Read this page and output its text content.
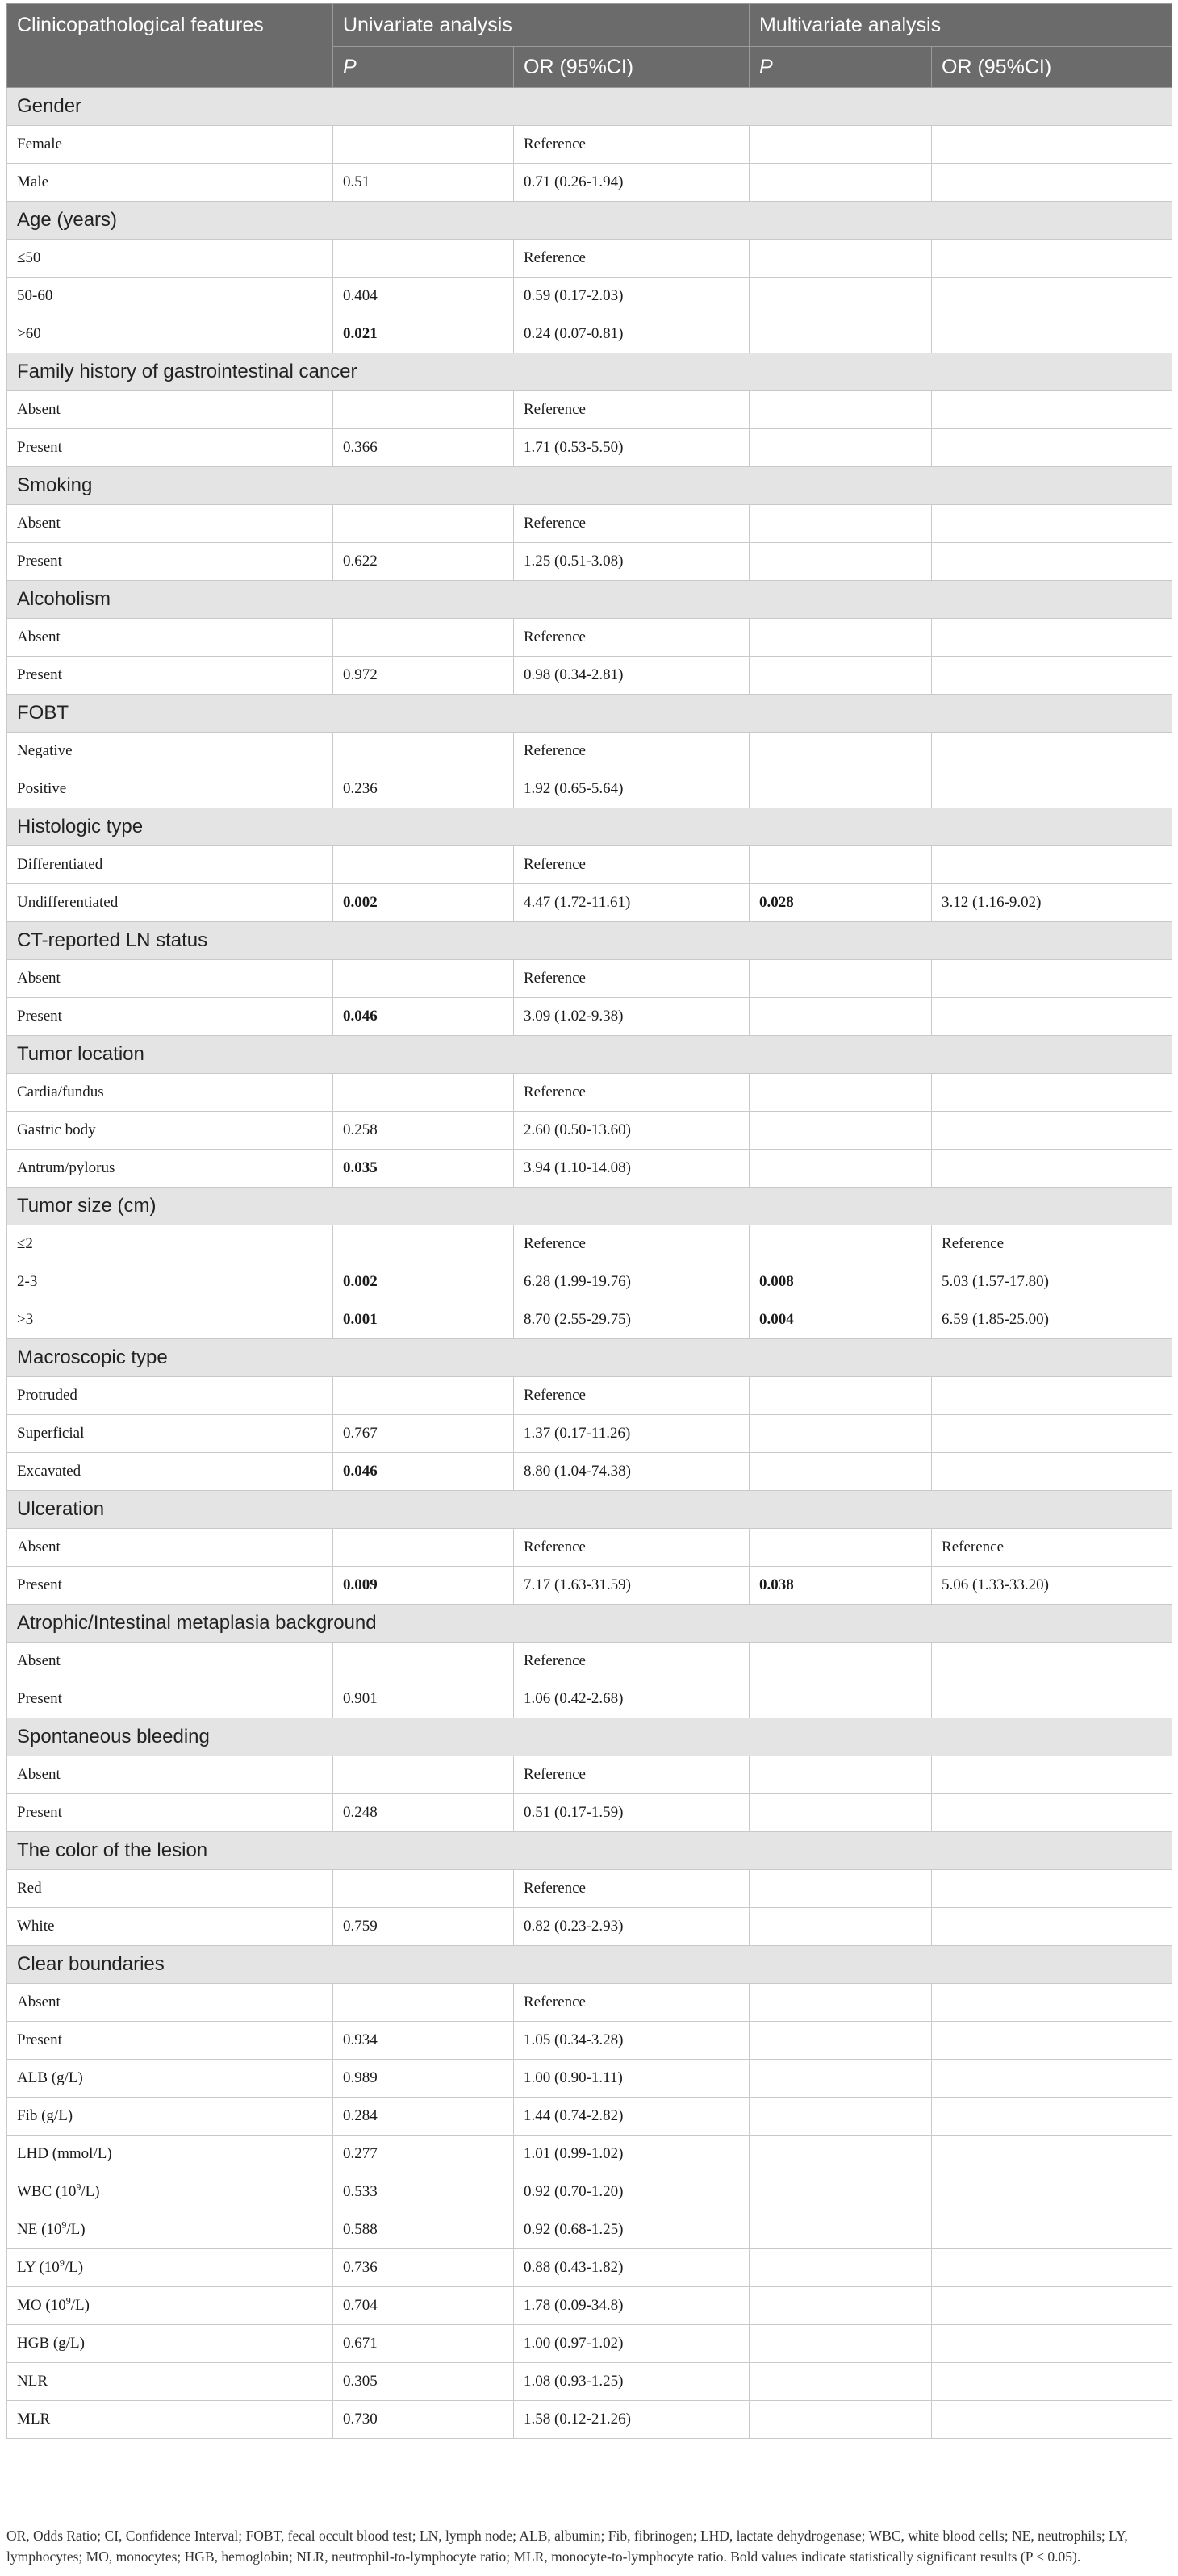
Clinicopathological features	Univariate analysis		Multivariate analysis	
	P	OR (95%CI)	P	OR (95%CI)
Gender				
Female		Reference		
Male	0.51	0.71 (0.26-1.94)		
Age (years)				
≤50		Reference		
50-60	0.404	0.59 (0.17-2.03)		
>60	0.021	0.24 (0.07-0.81)		
Family history of gastrointestinal cancer				
Absent		Reference		
Present	0.366	1.71 (0.53-5.50)		
Smoking				
Absent		Reference		
Present	0.622	1.25 (0.51-3.08)		
Alcoholism				
Absent		Reference		
Present	0.972	0.98 (0.34-2.81)		
FOBT				
Negative		Reference		
Positive	0.236	1.92 (0.65-5.64)		
Histologic type				
Differentiated		Reference		
Undifferentiated	0.002	4.47 (1.72-11.61)	0.028	3.12 (1.16-9.02)
CT-reported LN status				
Absent		Reference		
Present	0.046	3.09 (1.02-9.38)		
Tumor location				
Cardia/fundus		Reference		
Gastric body	0.258	2.60 (0.50-13.60)		
Antrum/pylorus	0.035	3.94 (1.10-14.08)		
Tumor size (cm)				
≤2		Reference		Reference
2-3	0.002	6.28 (1.99-19.76)	0.008	5.03 (1.57-17.80)
>3	0.001	8.70 (2.55-29.75)	0.004	6.59 (1.85-25.00)
Macroscopic type				
Protruded		Reference		
Superficial	0.767	1.37 (0.17-11.26)		
Excavated	0.046	8.80 (1.04-74.38)		
Ulceration				
Absent		Reference		Reference
Present	0.009	7.17 (1.63-31.59)	0.038	5.06 (1.33-33.20)
Atrophic/Intestinal metaplasia background				
Absent		Reference		
Present	0.901	1.06 (0.42-2.68)		
Spontaneous bleeding				
Absent		Reference		
Present	0.248	0.51 (0.17-1.59)		
The color of the lesion				
Red		Reference		
White	0.759	0.82 (0.23-2.93)		
Clear boundaries				
Absent		Reference		
Present	0.934	1.05 (0.34-3.28)		
ALB (g/L)	0.989	1.00 (0.90-1.11)		
Fib (g/L)	0.284	1.44 (0.74-2.82)		
LHD (mmol/L)	0.277	1.01 (0.99-1.02)		
WBC $(10^9/L)$	0.533	0.92 (0.70-1.20)		
NE $(10^9/L)$	0.588	0.92 (0.68-1.25)		
LY $(10^9/L)$	0.736	0.88 (0.43-1.82)		
MO $(10^9/L)$	0.704	1.78 (0.09-34.8)		
HGB (g/L)	0.671	1.00 (0.97-1.02)		
NLR	0.305	1.08 (0.93-1.25)		
MLR	0.730	1.58 (0.12-21.26)		
OR, Odds Ratio; CI, Confidence Interval; FOBT, fecal occult blood test; LN, lymph node; ALB, albumin; Fib, fibrinogen; LHD, lactate dehydrogenase; WBC, white blood cells; NE, neutrophils; LY, lymphocytes; MO, monocytes; HGB, hemoglobin; NLR, neutrophil-to-lymphocyte ratio; MLR, monocyte-to-lymphocyte ratio. Bold values indicate statistically significant results (P < 0.05).
